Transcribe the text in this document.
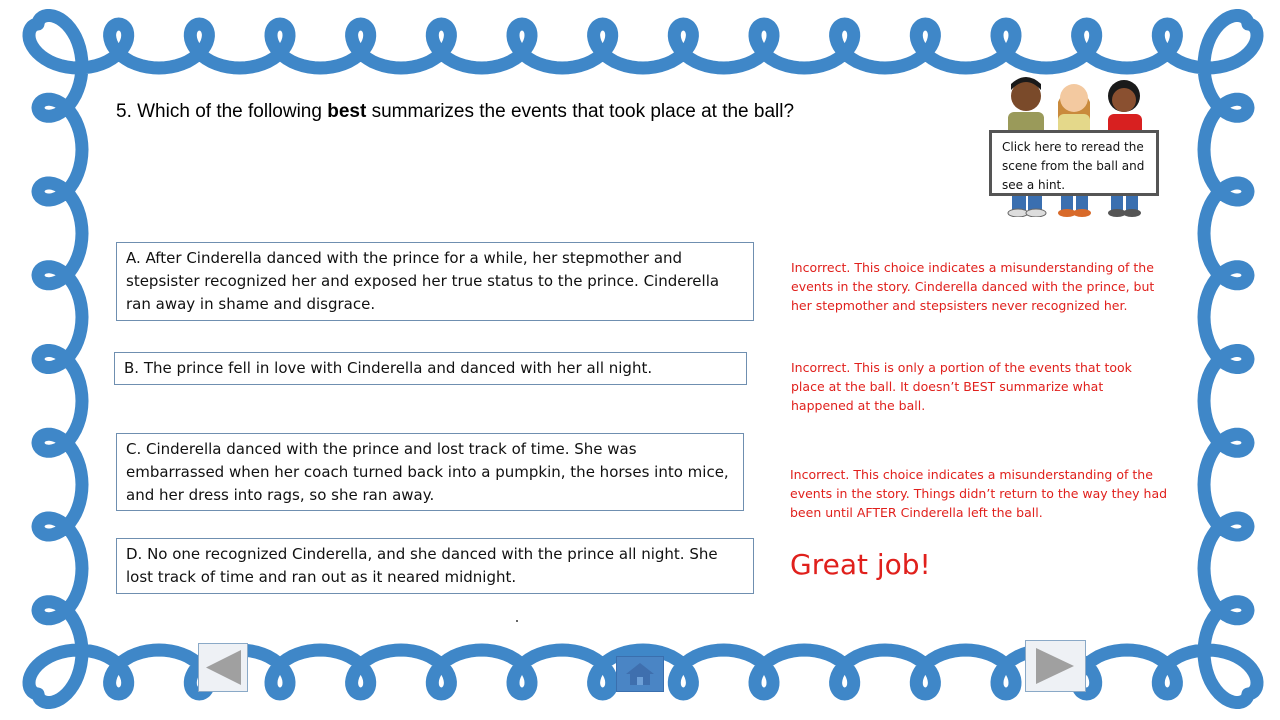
5. Which of the following best summarizes the events that took place at the ball?
Click here to reread the scene from the ball and see a hint.
A. After Cinderella danced with the prince for a while, her stepmother and stepsister recognized her and exposed her true status to the prince. Cinderella ran away in shame and disgrace.
B. The prince fell in love with Cinderella and danced with her all night.
C. Cinderella danced with the prince and lost track of time. She was embarrassed when her coach turned back into a pumpkin, the horses into mice, and her dress into rags, so she ran away.
D. No one recognized Cinderella, and she danced with the prince all night. She lost track of time and ran out as it neared midnight.
Incorrect. This choice indicates a misunderstanding of the events in the story. Cinderella danced with the prince, but her stepmother and stepsisters never recognized her.
Incorrect. This is only a portion of the events that took place at the ball. It doesn’t BEST summarize what happened at the ball.
Incorrect. This choice indicates a misunderstanding of the events in the story. Things didn’t return to the way they had been until AFTER Cinderella left the ball.
Great job!
